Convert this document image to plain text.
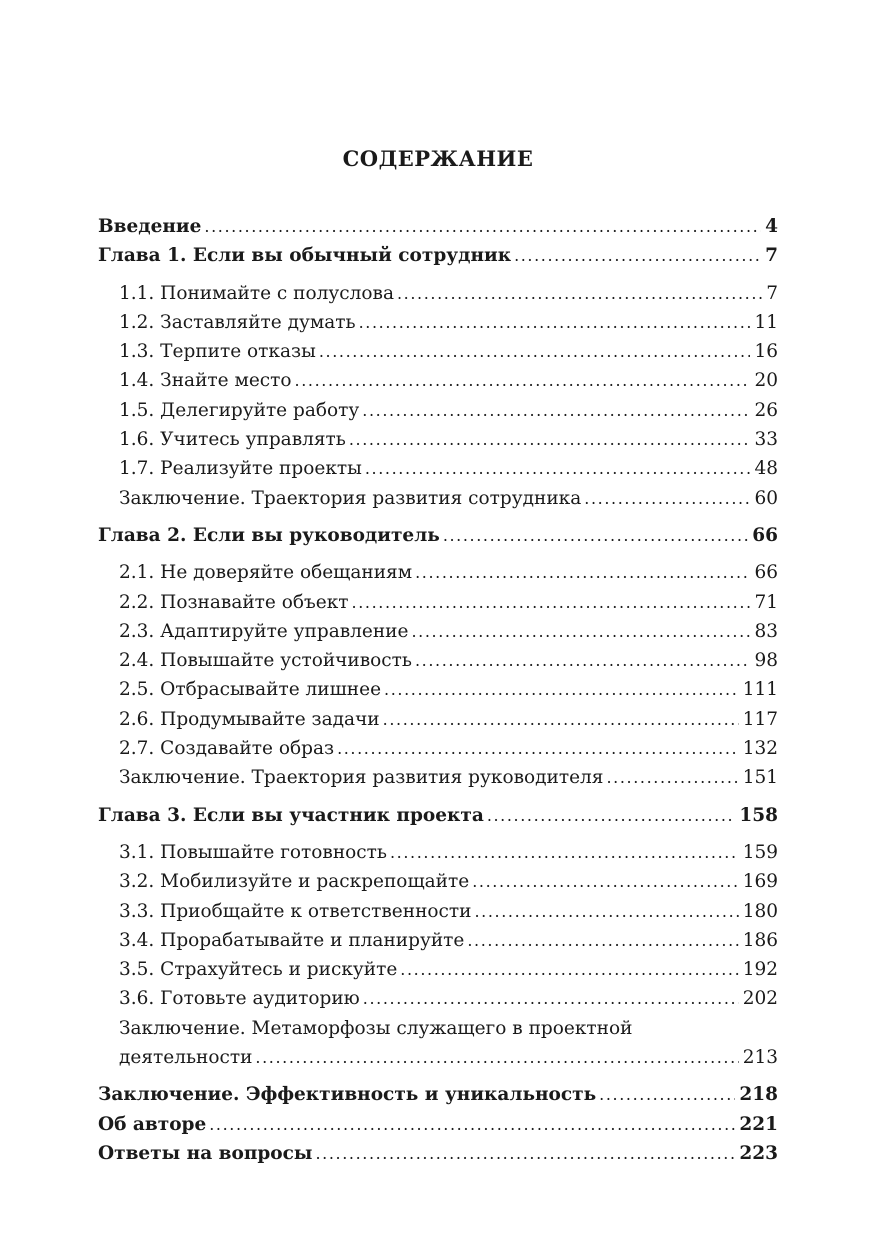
СОДЕРЖАНИЕ
Введение .....	4
Глава 1. Если вы обычный сотрудник .....	7
1.1. Понимайте с полуслова .....	7
1.2. Заставляйте думать .....	11
1.3. Терпите отказы .....	16
1.4. Знайте место .....	20
1.5. Делегируйте работу .....	26
1.6. Учитесь управлять .....	33
1.7. Реализуйте проекты .....	48
Заключение. Траектория развития сотрудника .....	60
Глава 2. Если вы руководитель .....	66
2.1. Не доверяйте обещаниям .....	66
2.2. Познавайте объект .....	71
2.3. Адаптируйте управление .....	83
2.4. Повышайте устойчивость .....	98
2.5. Отбрасывайте лишнее .....	111
2.6. Продумывайте задачи .....	117
2.7. Создавайте образ .....	132
Заключение. Траектория развития руководителя .....	151
Глава 3. Если вы участник проекта .....	158
3.1. Повышайте готовность .....	159
3.2. Мобилизуйте и раскрепощайте .....	169
3.3. Приобщайте к ответственности .....	180
3.4. Прорабатывайте и планируйте .....	186
3.5. Страхуйтесь и рискуйте .....	192
3.6. Готовьте аудиторию .....	202
Заключение. Метаморфозы служащего в проектной
деятельности .....	213
Заключение. Эффективность и уникальность .....	218
Об авторе .....	221
Ответы на вопросы .....	223
